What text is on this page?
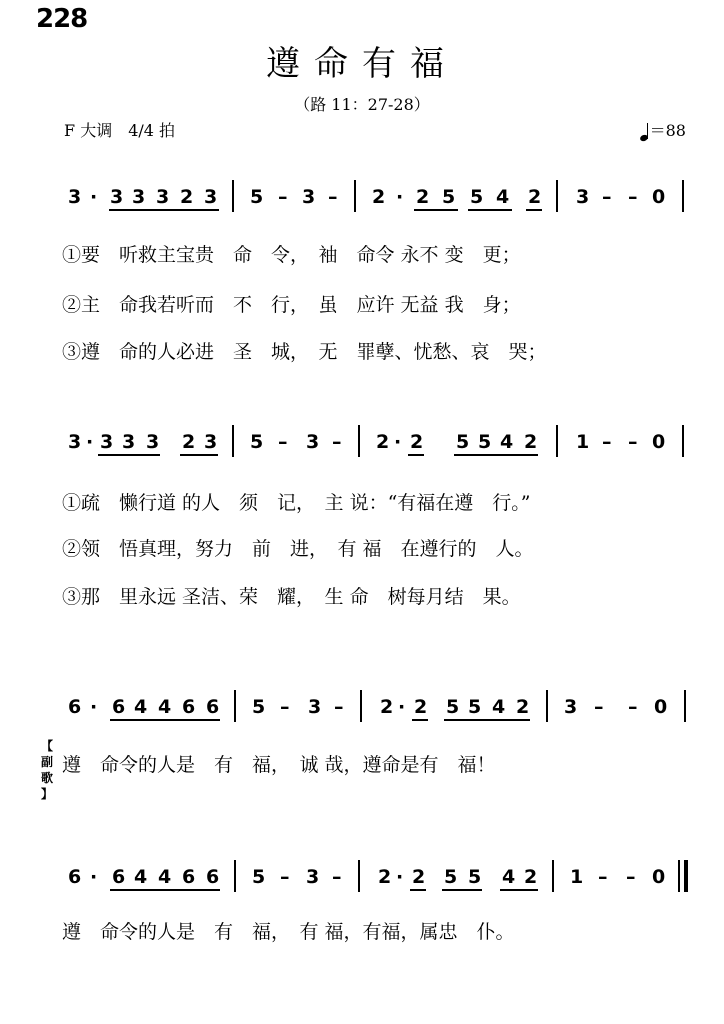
228
遵命有福
（路 11：27-28）
F 大调　4/4 拍	＝88
3 · 3 3 3 2 3 5 – 3 – 2 · 2 5 5 4 2 3 – – 0
①要　听救主宝贵　命　令，　袖　命令 永不 变　更；
②主　命我若听而　不　行，　虽　应许 无益 我　身；
③遵　命的人必进　圣　城，　无　罪孽、忧愁、哀　哭；
3 · 3 3 3 2 3 5 – 3 – 2 · 2 5 5 4 2 1 – – 0
①疏　懒行道 的人　须　记，　主 说：“有福在遵　行。”
②领　悟真理，努力　前　进，　有 福　在遵行的　人。
③那　里永远 圣洁、荣　耀，　生 命　树每月结　果。
6 · 6 4 4 6 6 5 – 3 – 2 · 2 5 5 4 2 3 – – 0
【
副
歌
】
遵　命令的人是　有　福，　诚 哉，遵命是有　福！
6 · 6 4 4 6 6 5 – 3 – 2 · 2 5 5 4 2 1 – – 0
遵　命令的人是　有　福，　有 福，有福，属忠　仆。
